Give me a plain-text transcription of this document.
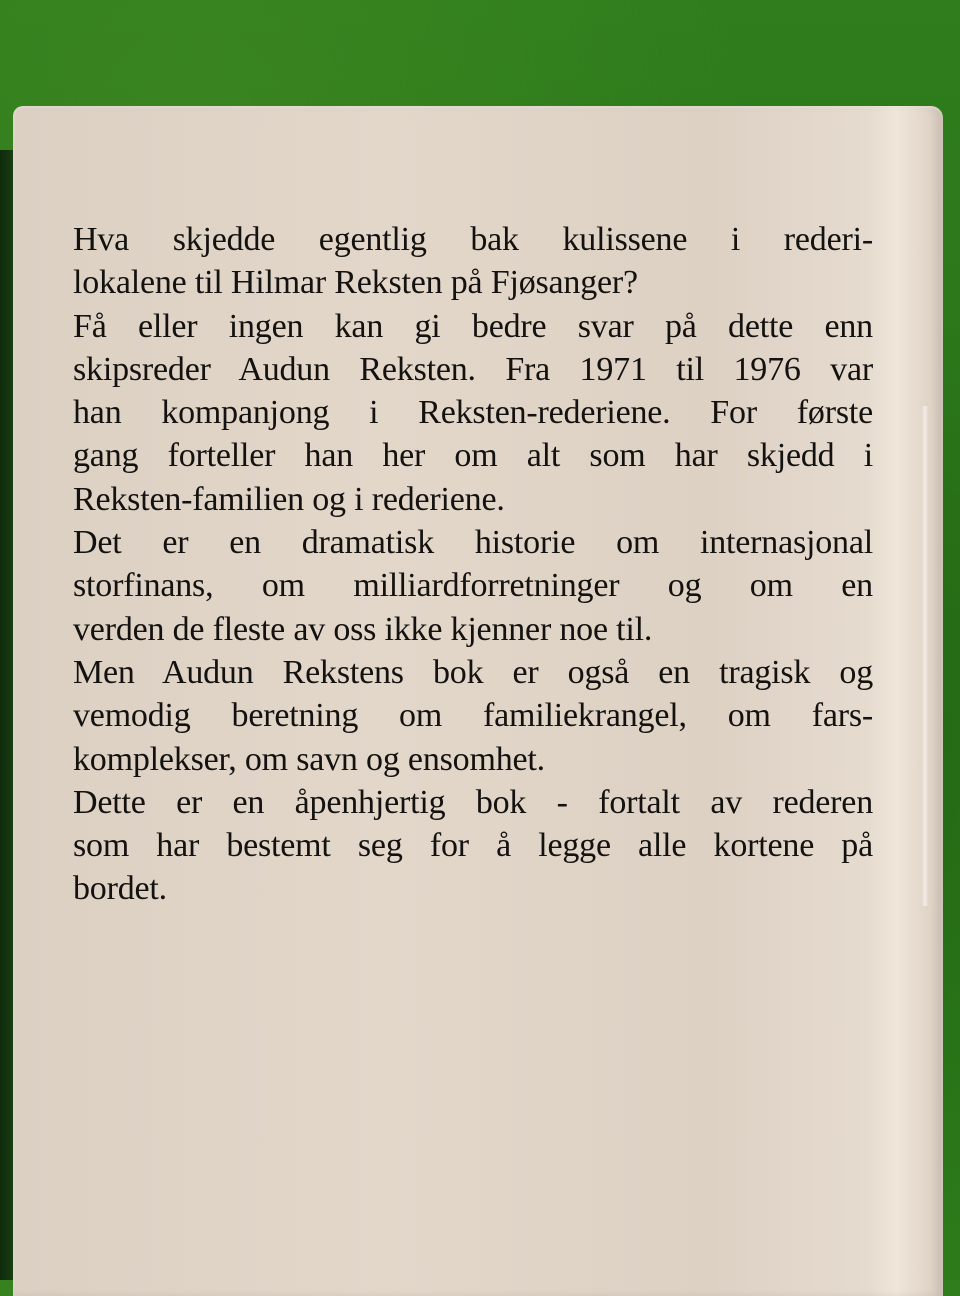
Hva skjedde egentlig bak kulissene i rederi-
lokalene til Hilmar Reksten på Fjøsanger?
Få eller ingen kan gi bedre svar på dette enn
skipsreder Audun Reksten. Fra 1971 til 1976 var
han kompanjong i Reksten-rederiene. For første
gang forteller han her om alt som har skjedd i
Reksten-familien og i rederiene.
Det er en dramatisk historie om internasjonal
storfinans, om milliardforretninger og om en
verden de fleste av oss ikke kjenner noe til.
Men Audun Rekstens bok er også en tragisk og
vemodig beretning om familiekrangel, om fars-
komplekser, om savn og ensomhet.
Dette er en åpenhjertig bok - fortalt av rederen
som har bestemt seg for å legge alle kortene på
bordet.
